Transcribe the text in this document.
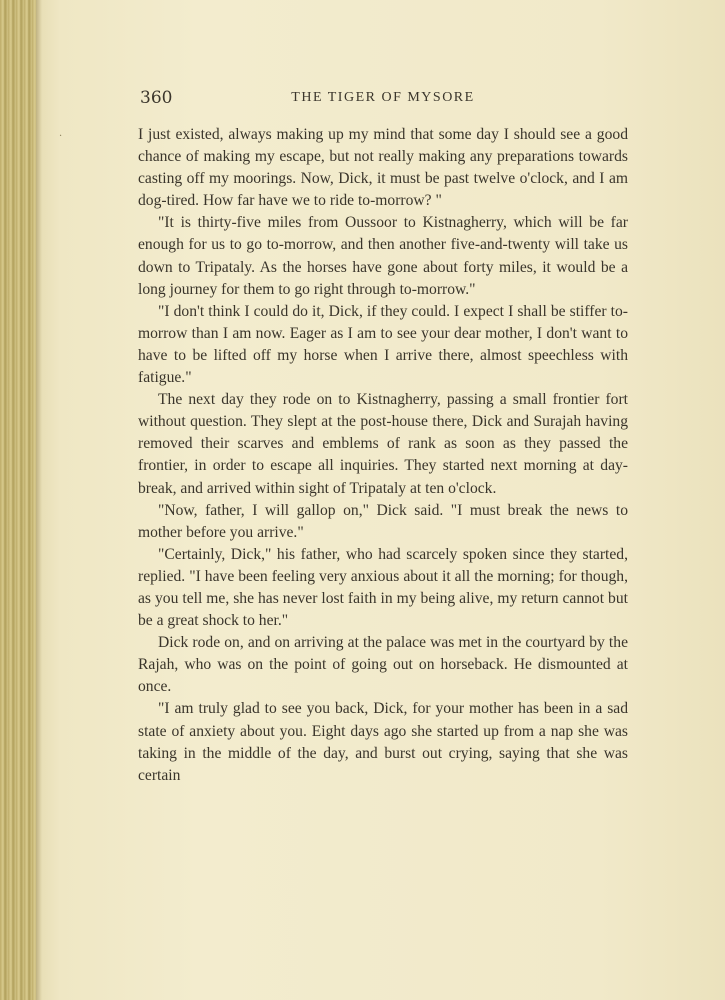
·
360	THE TIGER OF MYSORE

I just existed, always making up my mind that some day I should see a good chance of making my escape, but not really making any preparations towards casting off my moorings. Now, Dick, it must be past twelve o'clock, and I am dog-tired. How far have we to ride to-morrow? "

"It is thirty-five miles from Oussoor to Kistnagherry, which will be far enough for us to go to-morrow, and then another five-and-twenty will take us down to Tripataly. As the horses have gone about forty miles, it would be a long journey for them to go right through to-morrow."

"I don't think I could do it, Dick, if they could. I expect I shall be stiffer to-morrow than I am now. Eager as I am to see your dear mother, I don't want to have to be lifted off my horse when I arrive there, almost speechless with fatigue."

The next day they rode on to Kistnagherry, passing a small frontier fort without question. They slept at the post-house there, Dick and Surajah having removed their scarves and emblems of rank as soon as they passed the frontier, in order to escape all inquiries. They started next morning at day-break, and arrived within sight of Tripataly at ten o'clock.

"Now, father, I will gallop on," Dick said. "I must break the news to mother before you arrive."

"Certainly, Dick," his father, who had scarcely spoken since they started, replied. "I have been feeling very anxious about it all the morning; for though, as you tell me, she has never lost faith in my being alive, my return cannot but be a great shock to her."

Dick rode on, and on arriving at the palace was met in the courtyard by the Rajah, who was on the point of going out on horseback. He dismounted at once.

"I am truly glad to see you back, Dick, for your mother has been in a sad state of anxiety about you. Eight days ago she started up from a nap she was taking in the middle of the day, and burst out crying, saying that she was certain
